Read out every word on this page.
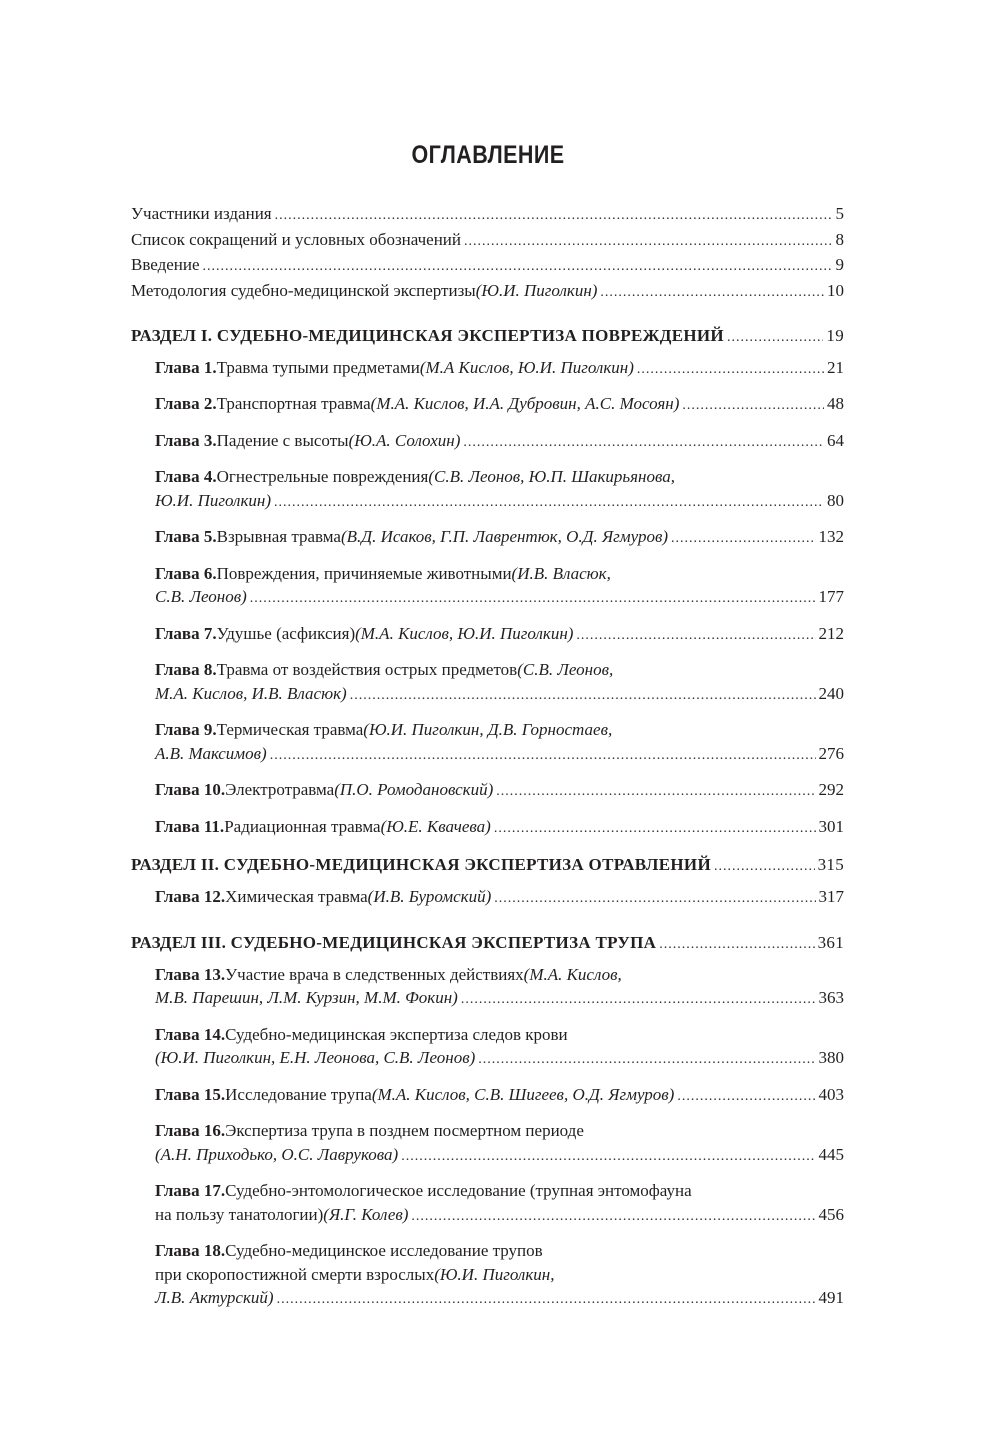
ОГЛАВЛЕНИЕ
Участники издания .....	5
Список сокращений и условных обозначений .....	8
Введение .....	9
Методология судебно-медицинской экспертизы (Ю.И. Пиголкин) .....	10
РАЗДЕЛ I. СУДЕБНО-МЕДИЦИНСКАЯ ЭКСПЕРТИЗА ПОВРЕЖДЕНИЙ .....	19
Глава 1. Травма тупыми предметами (М.А Кислов, Ю.И. Пиголкин) .....	21
Глава 2. Транспортная травма (М.А. Кислов, И.А. Дубровин, А.С. Мосоян) .....	48
Глава 3. Падение с высоты (Ю.А. Солохин) .....	64
Глава 4. Огнестрельные повреждения (С.В. Леонов, Ю.П. Шакирьянова,
Ю.И. Пиголкин) .....	80
Глава 5. Взрывная травма (В.Д. Исаков, Г.П. Лаврентюк, О.Д. Ягмуров) .....	132
Глава 6. Повреждения, причиняемые животными (И.В. Власюк,
С.В. Леонов) .....	177
Глава 7. Удушье (асфиксия) (М.А. Кислов, Ю.И. Пиголкин) .....	212
Глава 8. Травма от воздействия острых предметов (С.В. Леонов,
М.А. Кислов, И.В. Власюк) .....	240
Глава 9. Термическая травма (Ю.И. Пиголкин, Д.В. Горностаев,
А.В. Максимов) .....	276
Глава 10. Электротравма (П.О. Ромодановский) .....	292
Глава 11. Радиационная травма (Ю.Е. Квачева) .....	301
РАЗДЕЛ II. СУДЕБНО-МЕДИЦИНСКАЯ ЭКСПЕРТИЗА ОТРАВЛЕНИЙ .....	315
Глава 12. Химическая травма (И.В. Буромский) .....	317
РАЗДЕЛ III. СУДЕБНО-МЕДИЦИНСКАЯ ЭКСПЕРТИЗА ТРУПА .....	361
Глава 13. Участие врача в следственных действиях (М.А. Кислов,
М.В. Парешин, Л.М. Курзин, М.М. Фокин) .....	363
Глава 14. Судебно-медицинская экспертиза следов крови
(Ю.И. Пиголкин, Е.Н. Леонова, С.В. Леонов) .....	380
Глава 15. Исследование трупа (М.А. Кислов, С.В. Шигеев, О.Д. Ягмуров) .....	403
Глава 16. Экспертиза трупа в позднем посмертном периоде
(А.Н. Приходько, О.С. Лаврукова) .....	445
Глава 17. Судебно-энтомологическое исследование (трупная энтомофауна
на пользу танатологии) (Я.Г. Колев) .....	456
Глава 18. Судебно-медицинское исследование трупов
при скоропостижной смерти взрослых (Ю.И. Пиголкин,
Л.В. Актурский) .....	491
